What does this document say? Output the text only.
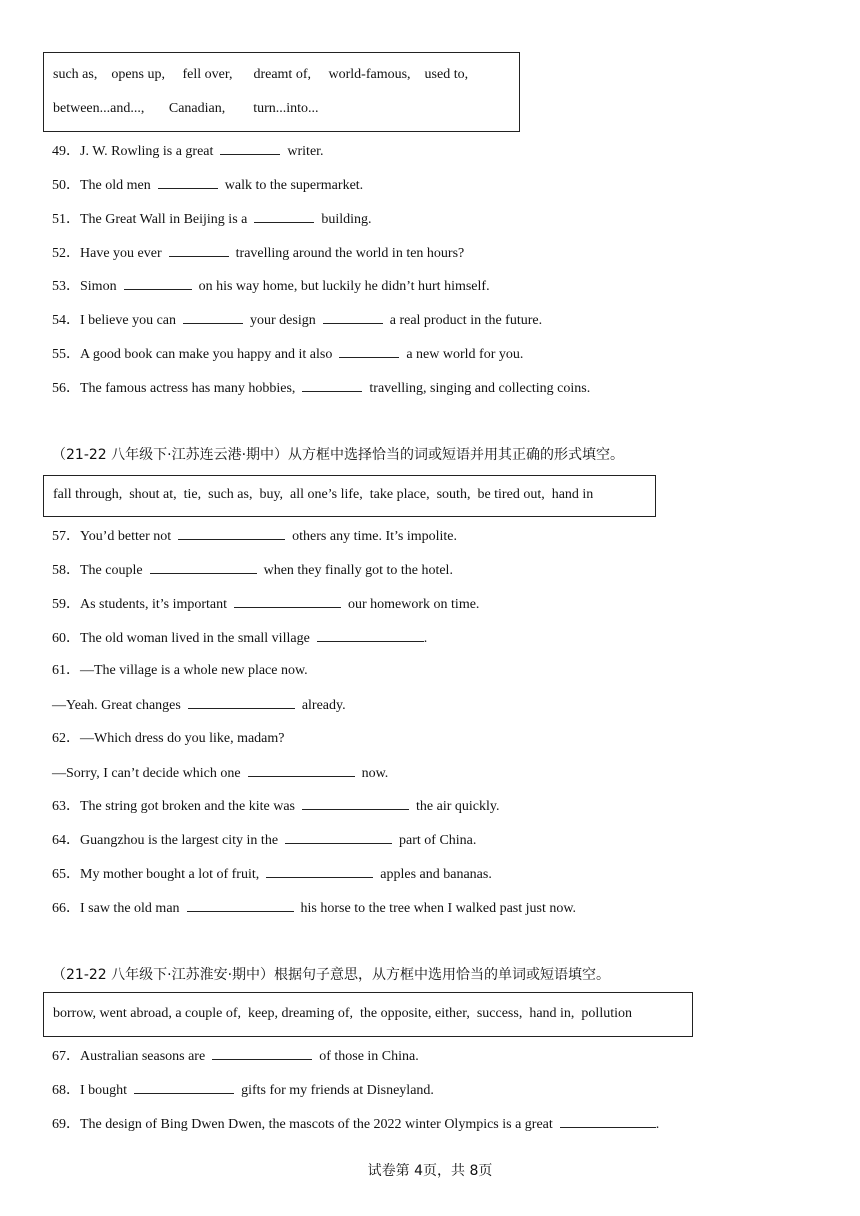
such as,    opens up,     fell over,      dreamt of,     world-famous,    used to,
between...and...,       Canadian,        turn...into...
49．J. W. Rowling is a great	writer.
50．The old men	walk to the supermarket.
51．The Great Wall in Beijing is a	building.
52．Have you ever	travelling around the world in ten hours?
53．Simon	on his way home, but luckily he didn’t hurt himself.
54．I believe you can	your design	a real product in the future.
55．A good book can make you happy and it also	a new world for you.
56．The famous actress has many hobbies,	travelling, singing and collecting coins.
（21-22 八年级下·江苏连云港·期中）从方框中选择恰当的词或短语并用其正确的形式填空。
fall through,  shout at,  tie,  such as,  buy,  all one’s life,  take place,  south,  be tired out,  hand in
57．You’d better not	others any time. It’s impolite.
58．The couple	when they finally got to the hotel.
59．As students, it’s important	our homework on time.
60．The old woman lived in the small village	.
61．—The village is a whole new place now.
—Yeah. Great changes	already.
62．—Which dress do you like, madam?
—Sorry, I can’t decide which one	now.
63．The string got broken and the kite was	the air quickly.
64．Guangzhou is the largest city in the	part of China.
65．My mother bought a lot of fruit,	apples and bananas.
66．I saw the old man	his horse to the tree when I walked past just now.
（21-22 八年级下·江苏淮安·期中）根据句子意思，从方框中选用恰当的单词或短语填空。
borrow, went abroad, a couple of,  keep, dreaming of,  the opposite, either,  success,  hand in,  pollution
67．Australian seasons are	of those in China.
68．I bought	gifts for my friends at Disneyland.
69．The design of Bing Dwen Dwen, the mascots of the 2022 winter Olympics is a great	.
试卷第 4页，共 8页
